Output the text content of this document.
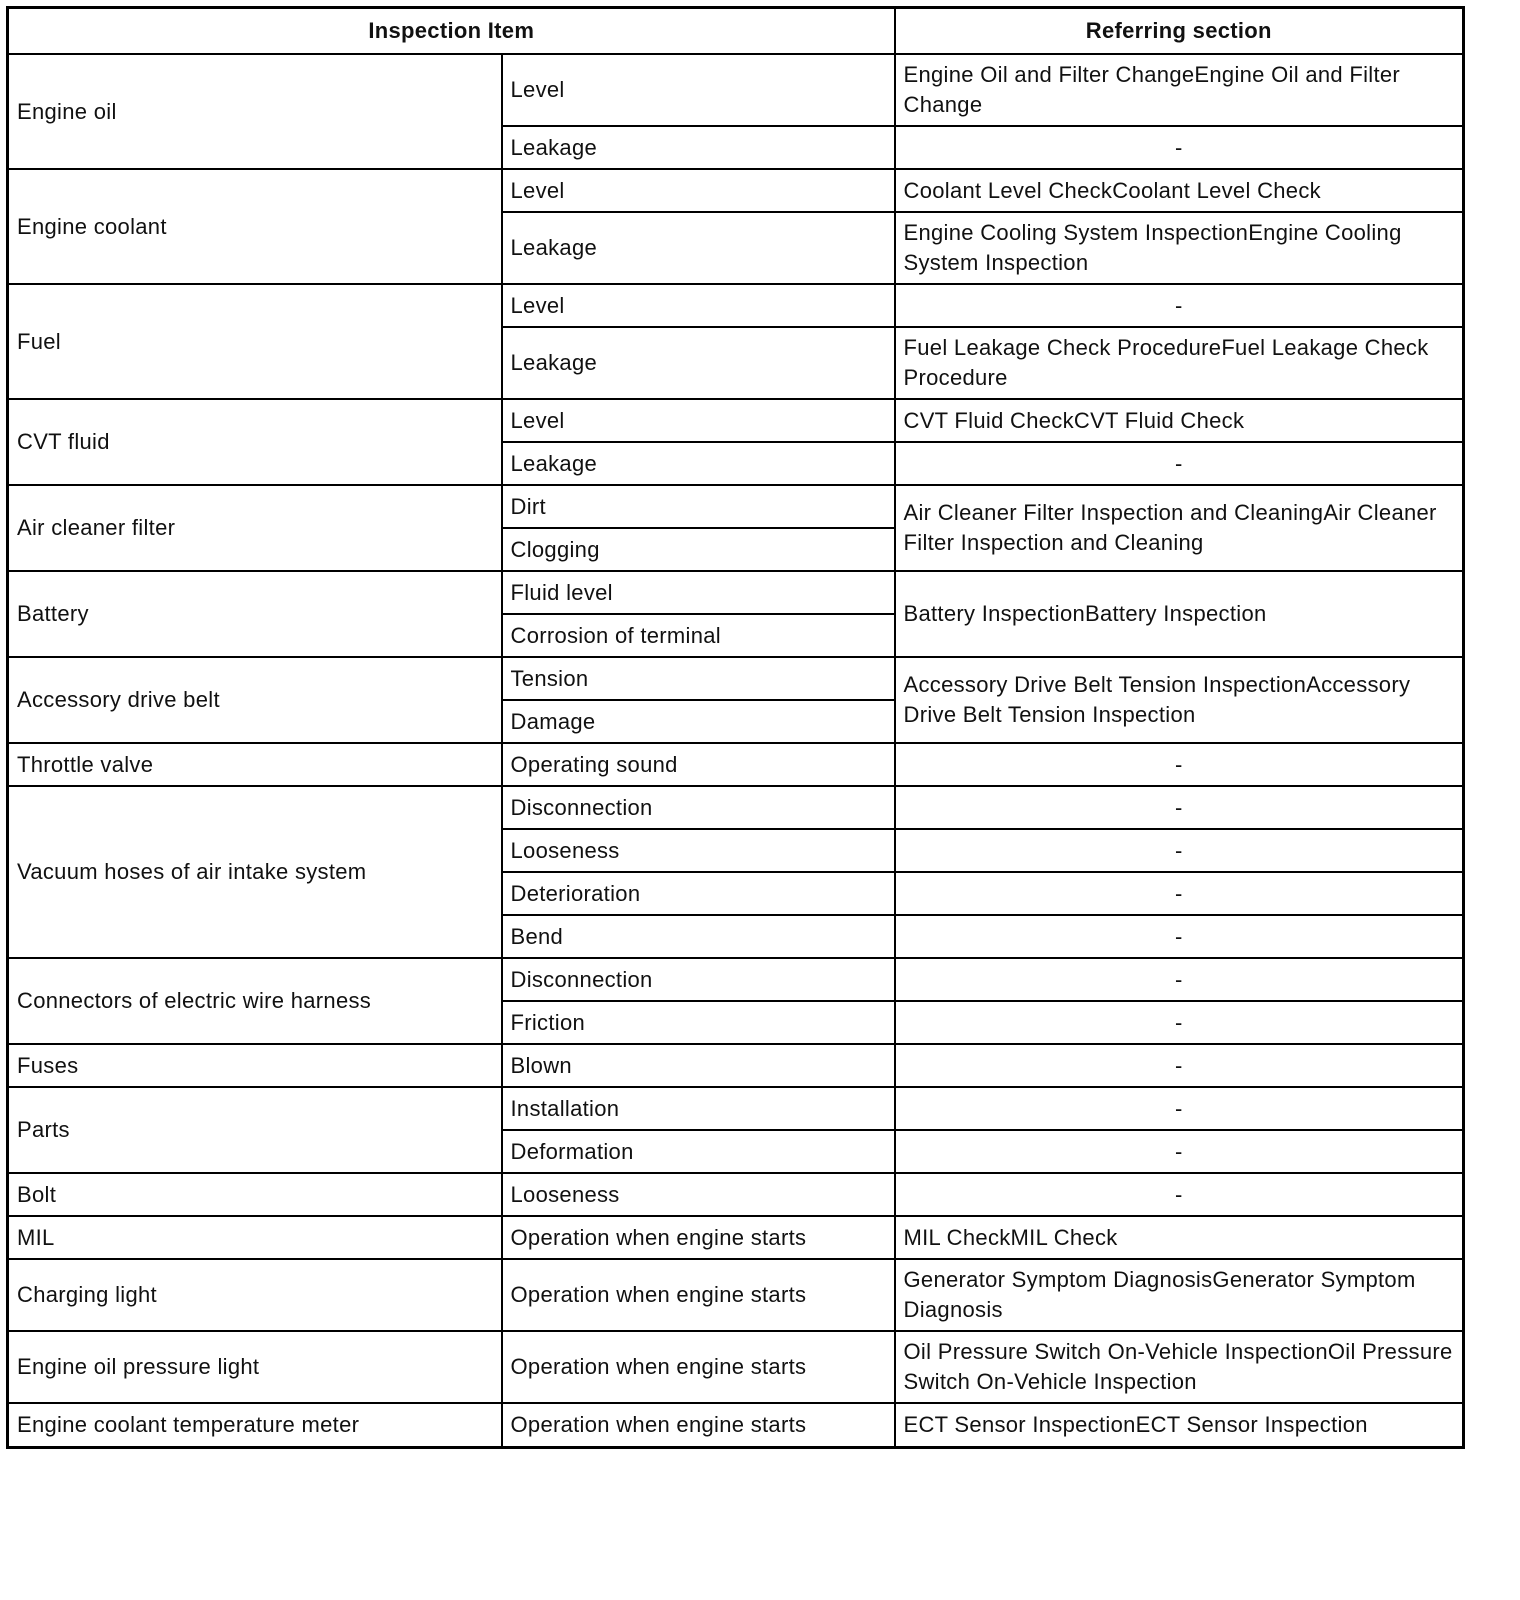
Inspection Item		Referring section
Engine oil	Level	Engine Oil and Filter ChangeEngine Oil and Filter Change
	Leakage	-
Engine coolant	Level	Coolant Level CheckCoolant Level Check
	Leakage	Engine Cooling System InspectionEngine Cooling System Inspection
Fuel	Level	-
	Leakage	Fuel Leakage Check ProcedureFuel Leakage Check Procedure
CVT fluid	Level	CVT Fluid CheckCVT Fluid Check
	Leakage	-
Air cleaner filter	Dirt	Air Cleaner Filter Inspection and CleaningAir Cleaner Filter Inspection and Cleaning
	Clogging	
Battery	Fluid level	Battery InspectionBattery Inspection
	Corrosion of terminal	
Accessory drive belt	Tension	Accessory Drive Belt Tension InspectionAccessory Drive Belt Tension Inspection
	Damage	
Throttle valve	Operating sound	-
Vacuum hoses of air intake system	Disconnection	-
	Looseness	-
	Deterioration	-
	Bend	-
Connectors of electric wire harness	Disconnection	-
	Friction	-
Fuses	Blown	-
Parts	Installation	-
	Deformation	-
Bolt	Looseness	-
MIL	Operation when engine starts	MIL CheckMIL Check
Charging light	Operation when engine starts	Generator Symptom DiagnosisGenerator Symptom Diagnosis
Engine oil pressure light	Operation when engine starts	Oil Pressure Switch On-Vehicle InspectionOil Pressure Switch On-Vehicle Inspection
Engine coolant temperature meter	Operation when engine starts	ECT Sensor InspectionECT Sensor Inspection
